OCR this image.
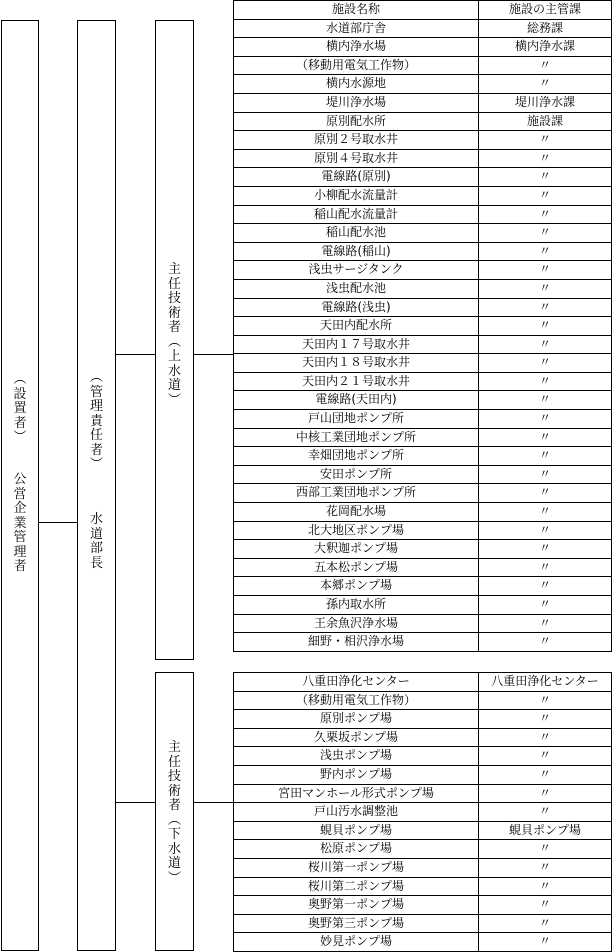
︵
設
置
者
︶
公
営
企
業
管
理
者
︵
管
理
責
任
者
︶
水
道
部
長
主
任
技
術
者
︵
上
水
道
︶
主
任
技
術
者
︵
下
水
道
︶
施設名称	施設の主管課
水道部庁舎	総務課
横内浄水場	横内浄水課
（移動用電気工作物）	〃
横内水源地	〃
堤川浄水場	堤川浄水課
原別配水所	施設課
原別２号取水井	〃
原別４号取水井	〃
電線路(原別)	〃
小柳配水流量計	〃
稲山配水流量計	〃
稲山配水池	〃
電線路(稲山)	〃
浅虫サージタンク	〃
浅虫配水池	〃
電線路(浅虫)	〃
天田内配水所	〃
天田内１７号取水井	〃
天田内１８号取水井	〃
天田内２１号取水井	〃
電線路(天田内)	〃
戸山団地ポンプ所	〃
中核工業団地ポンプ所	〃
幸畑団地ポンプ所	〃
安田ポンプ所	〃
西部工業団地ポンプ所	〃
花岡配水場	〃
北大地区ポンプ場	〃
大釈迦ポンプ場	〃
五本松ポンプ場	〃
本郷ポンプ場	〃
孫内取水所	〃
王余魚沢浄水場	〃
細野・相沢浄水場	〃
八重田浄化センター	八重田浄化センター
（移動用電気工作物）	〃
原別ポンプ場	〃
久栗坂ポンプ場	〃
浅虫ポンプ場	〃
野内ポンプ場	〃
宮田マンホール形式ポンプ場	〃
戸山汚水調整池	〃
蜆貝ポンプ場	蜆貝ポンプ場
松原ポンプ場	〃
桜川第一ポンプ場	〃
桜川第二ポンプ場	〃
奥野第一ポンプ場	〃
奥野第三ポンプ場	〃
妙見ポンプ場	〃
